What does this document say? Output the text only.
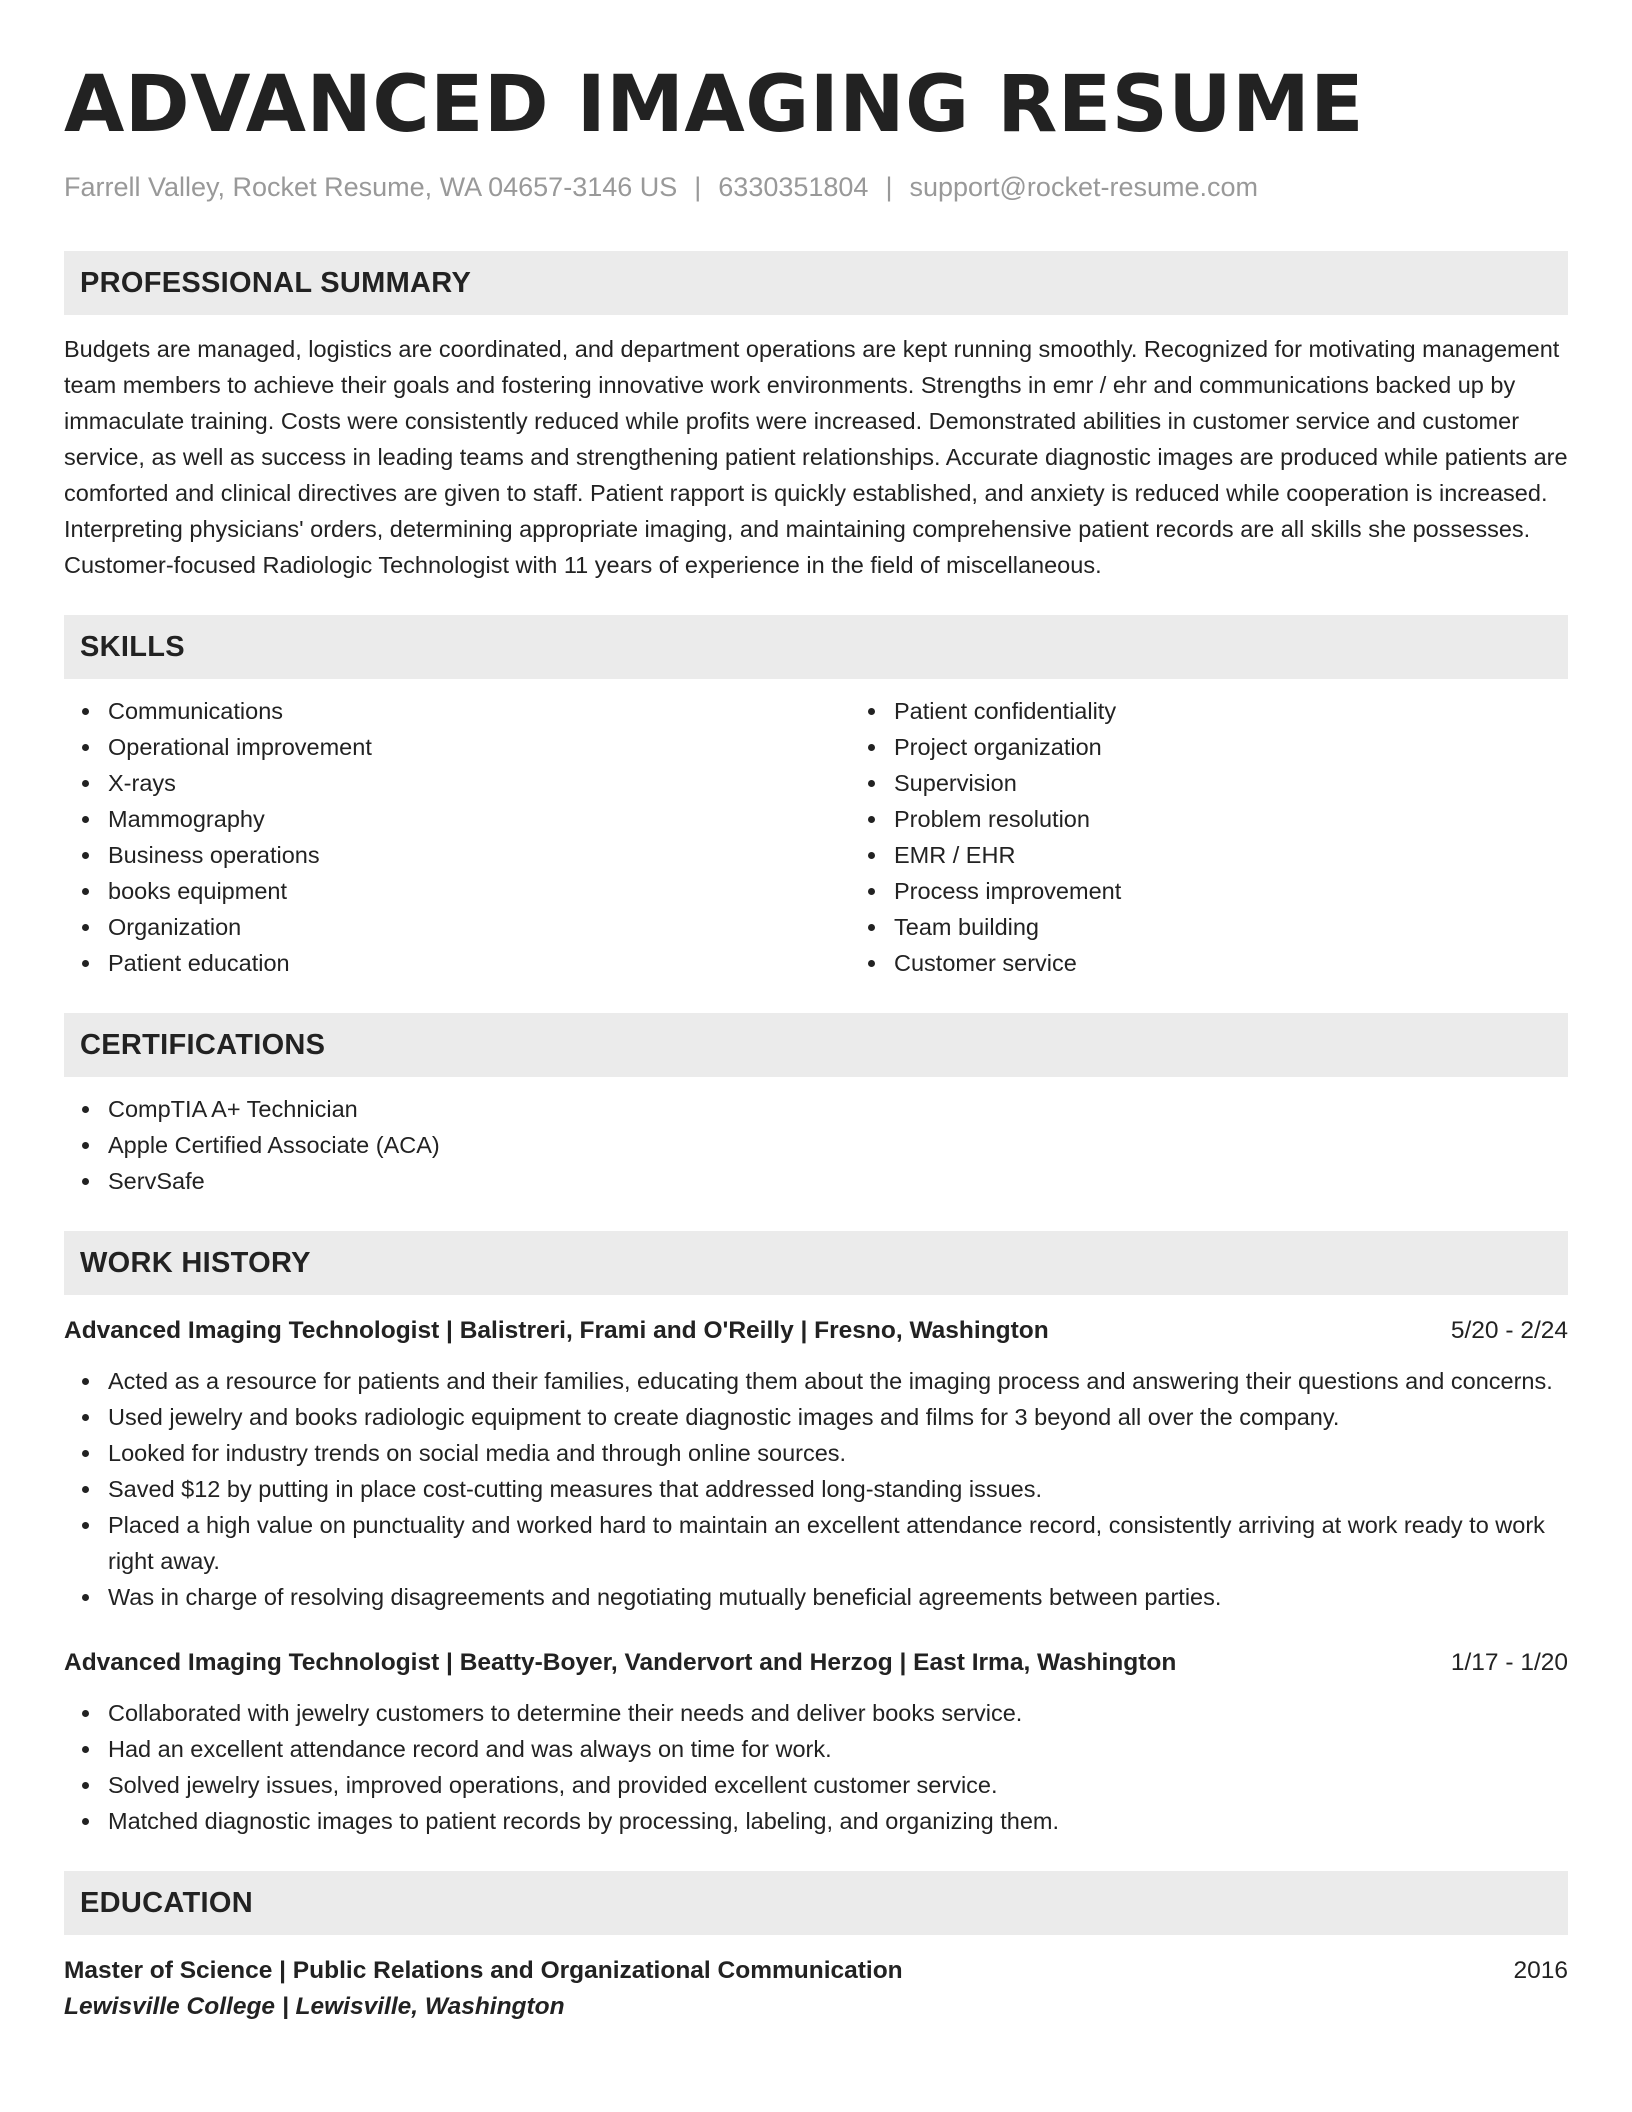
ADVANCED IMAGING RESUME
Farrell Valley, Rocket Resume, WA 04657-3146 US | 6330351804 | support@rocket-resume.com
PROFESSIONAL SUMMARY
Budgets are managed, logistics are coordinated, and department operations are kept running smoothly. Recognized for motivating management team members to achieve their goals and fostering innovative work environments. Strengths in emr / ehr and communications backed up by immaculate training. Costs were consistently reduced while profits were increased. Demonstrated abilities in customer service and customer service, as well as success in leading teams and strengthening patient relationships. Accurate diagnostic images are produced while patients are comforted and clinical directives are given to staff. Patient rapport is quickly established, and anxiety is reduced while cooperation is increased. Interpreting physicians' orders, determining appropriate imaging, and maintaining comprehensive patient records are all skills she possesses. Customer-focused Radiologic Technologist with 11 years of experience in the field of miscellaneous.
SKILLS
Communications
Operational improvement
X-rays
Mammography
Business operations
books equipment
Organization
Patient education
Patient confidentiality
Project organization
Supervision
Problem resolution
EMR / EHR
Process improvement
Team building
Customer service
CERTIFICATIONS
CompTIA A+ Technician
Apple Certified Associate (ACA)
ServSafe
WORK HISTORY
Advanced Imaging Technologist | Balistreri, Frami and O'Reilly | Fresno, Washington	5/20 - 2/24
Acted as a resource for patients and their families, educating them about the imaging process and answering their questions and concerns.
Used jewelry and books radiologic equipment to create diagnostic images and films for 3 beyond all over the company.
Looked for industry trends on social media and through online sources.
Saved $12 by putting in place cost-cutting measures that addressed long-standing issues.
Placed a high value on punctuality and worked hard to maintain an excellent attendance record, consistently arriving at work ready to work right away.
Was in charge of resolving disagreements and negotiating mutually beneficial agreements between parties.
Advanced Imaging Technologist | Beatty-Boyer, Vandervort and Herzog | East Irma, Washington	1/17 - 1/20
Collaborated with jewelry customers to determine their needs and deliver books service.
Had an excellent attendance record and was always on time for work.
Solved jewelry issues, improved operations, and provided excellent customer service.
Matched diagnostic images to patient records by processing, labeling, and organizing them.
EDUCATION
Master of Science | Public Relations and Organizational Communication	2016
Lewisville College | Lewisville, Washington
